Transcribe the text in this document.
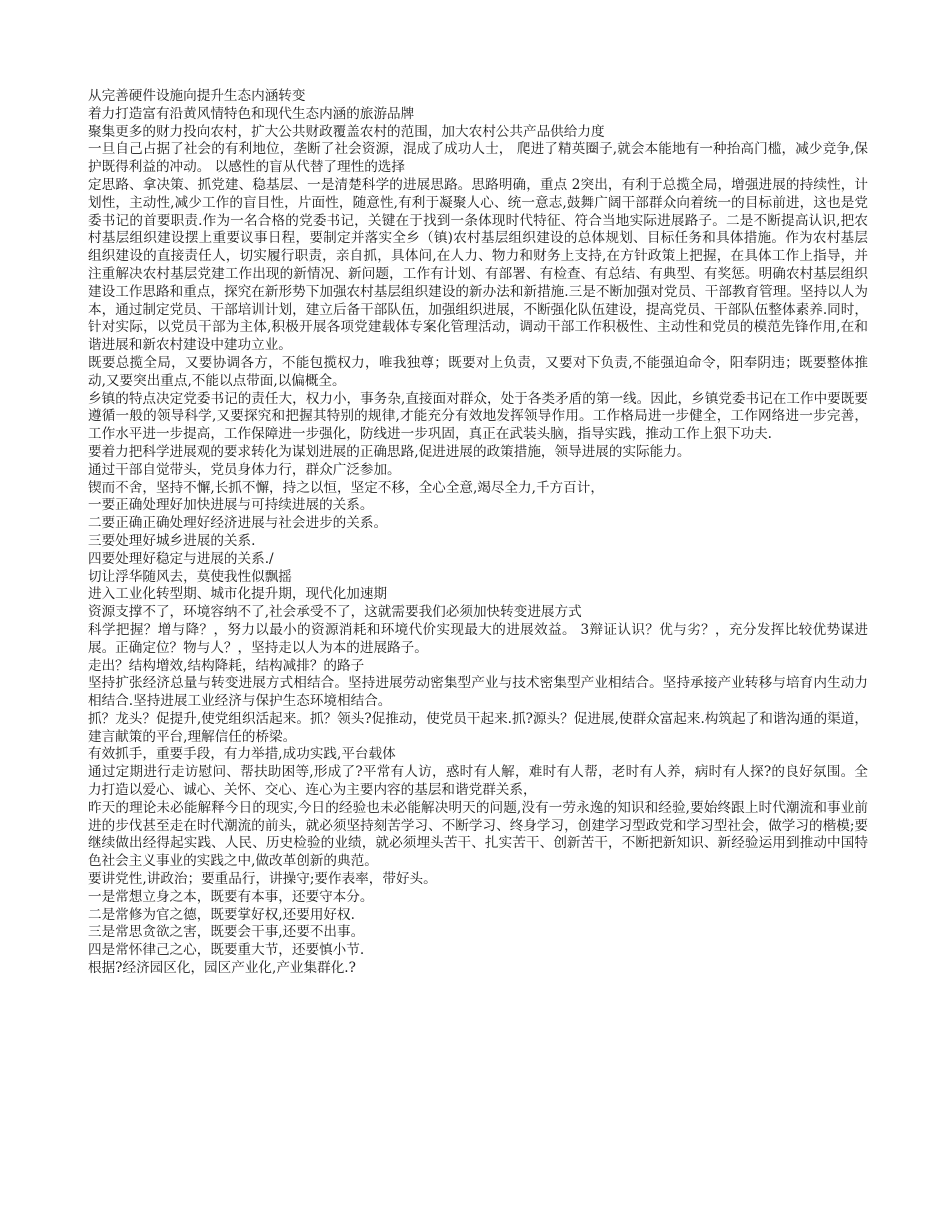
从完善硬件设施向提升生态内涵转变

着力打造富有沿黄风情特色和现代生态内涵的旅游品牌

聚集更多的财力投向农村，扩大公共财政覆盖农村的范围，加大农村公共产品供给力度

一旦自己占据了社会的有利地位，垄断了社会资源，混成了成功人士， 爬进了精英圈子,就会本能地有一种抬高门槛，减少竞争,保护既得利益的冲动。 以感性的盲从代替了理性的选择

定思路、拿决策、抓党建、稳基层、一是清楚科学的进展思路。思路明确，重点 2突出，有利于总揽全局，增强进展的持续性，计划性，主动性,减少工作的盲目性，片面性，随意性,有利于凝聚人心、统一意志,鼓舞广阔干部群众向着统一的目标前进，这也是党委书记的首要职责.作为一名合格的党委书记，关键在于找到一条体现时代特征、符合当地实际进展路子。二是不断提高认识,把农村基层组织建设摆上重要议事日程，要制定并落实全乡（镇)农村基层组织建设的总体规划、目标任务和具体措施。作为农村基层组织建设的直接责任人，切实履行职责，亲自抓，具体问,在人力、物力和财务上支持,在方针政策上把握，在具体工作上指导，并注重解决农村基层党建工作出现的新情况、新问题，工作有计划、有部署、有检查、有总结、有典型、有奖惩。明确农村基层组织建设工作思路和重点，探究在新形势下加强农村基层组织建设的新办法和新措施.三是不断加强对党员、干部教育管理。坚持以人为本，通过制定党员、干部培训计划，建立后备干部队伍，加强组织进展，不断强化队伍建设，提高党员、干部队伍整体素养.同时，针对实际，以党员干部为主体,积极开展各项党建载体专案化管理活动，调动干部工作积极性、主动性和党员的模范先锋作用,在和谐进展和新农村建设中建功立业。

既要总揽全局，又要协调各方，不能包揽权力，唯我独尊；既要对上负责，又要对下负责,不能强迫命令，阳奉阴违；既要整体推动,又要突出重点,不能以点带面,以偏概全。

乡镇的特点决定党委书记的责任大，权力小，事务杂,直接面对群众，处于各类矛盾的第一线。因此，乡镇党委书记在工作中要既要遵循一般的领导科学,又要探究和把握其特别的规律,才能充分有效地发挥领导作用。工作格局进一步健全，工作网络进一步完善，工作水平进一步提高，工作保障进一步强化，防线进一步巩固，真正在武装头脑，指导实践，推动工作上狠下功夫.

要着力把科学进展观的要求转化为谋划进展的正确思路,促进进展的政策措施，领导进展的实际能力。

通过干部自觉带头，党员身体力行，群众广泛参加。

锲而不舍，坚持不懈,长抓不懈，持之以恒，坚定不移，全心全意,竭尽全力,千方百计，

一要正确处理好加快进展与可持续进展的关系。

二要正确正确处理好经济进展与社会进步的关系。

三要处理好城乡进展的关系.

四要处理好稳定与进展的关系./

切让浮华随风去，莫使我性似飘摇

进入工业化转型期、城市化提升期，现代化加速期

资源支撑不了，环境容纳不了,社会承受不了，这就需要我们必须加快转变进展方式

科学把握？增与降？，努力以最小的资源消耗和环境代价实现最大的进展效益。 3辩证认识？优与劣？，充分发挥比较优势谋进展。正确定位？物与人？，坚持走以人为本的进展路子。

走出？结构增效,结构降耗，结构减排？的路子

坚持扩张经济总量与转变进展方式相结合。坚持进展劳动密集型产业与技术密集型产业相结合。坚持承接产业转移与培育内生动力相结合.坚持进展工业经济与保护生态环境相结合。

抓？龙头？促提升,使党组织活起来。抓？领头?促推动，使党员干起来.抓?源头？促进展,使群众富起来.构筑起了和谐沟通的渠道，建言献策的平台,理解信任的桥梁。

有效抓手，重要手段，有力举措,成功实践,平台载体

通过定期进行走访慰问、帮扶助困等,形成了?平常有人访，惑时有人解，难时有人帮，老时有人养，病时有人探?的良好氛围。全力打造以爱心、诚心、关怀、交心、连心为主要内容的基层和谐党群关系，

昨天的理论未必能解释今日的现实,今日的经验也未必能解决明天的问题,没有一劳永逸的知识和经验,要始终跟上时代潮流和事业前进的步伐甚至走在时代潮流的前头，就必须坚持刻苦学习、不断学习、终身学习，创建学习型政党和学习型社会，做学习的楷模;要继续做出经得起实践、人民、历史检验的业绩，就必须埋头苦干、扎实苦干、创新苦干，不断把新知识、新经验运用到推动中国特色社会主义事业的实践之中,做改革创新的典范。

要讲党性,讲政治；要重品行，讲操守;要作表率，带好头。

一是常想立身之本，既要有本事，还要守本分。

二是常修为官之德，既要掌好权,还要用好权.

三是常思贪欲之害，既要会干事,还要不出事。

四是常怀律己之心，既要重大节，还要慎小节.

根据?经济园区化，园区产业化,产业集群化.?
